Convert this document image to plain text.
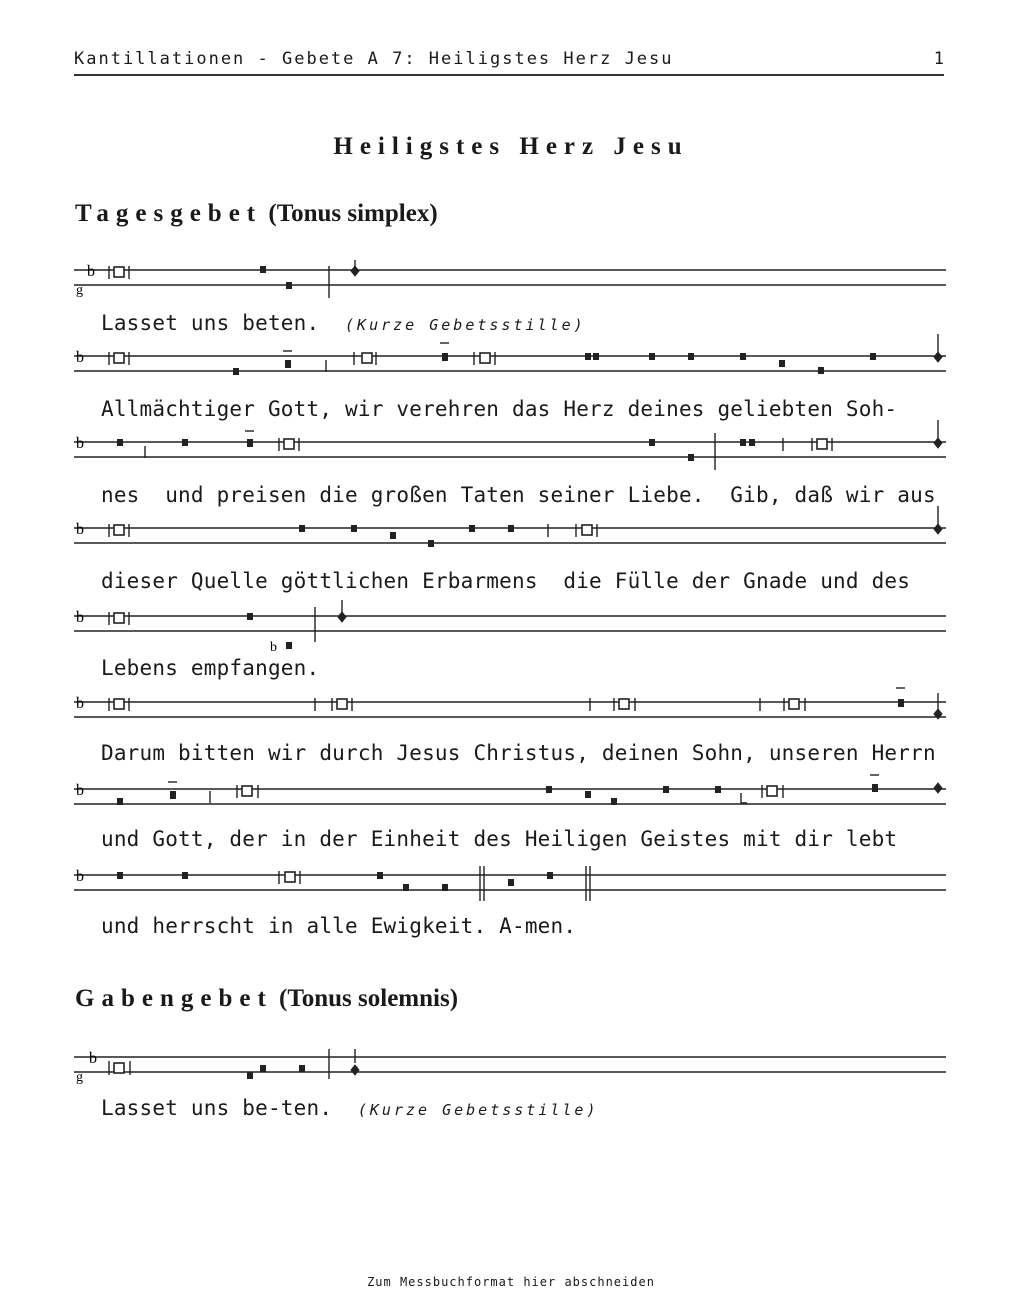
Kantillationen - Gebete A 7: Heiligstes Herz Jesu	1
Heiligstes Herz Jesu
Tagesgebet (Tonus simplex)
b
g
Lasset uns beten. (Kurze Gebetsstille)
b
Allmächtiger Gott, wir verehren das Herz deines geliebten Soh-
b
nes  und preisen die großen Taten seiner Liebe.  Gib, daß wir aus
b
dieser Quelle göttlichen Erbarmens  die Fülle der Gnade und des
b
b
Lebens empfangen.
b
Darum bitten wir durch Jesus Christus, deinen Sohn, unseren Herrn
b
und Gott, der in der Einheit des Heiligen Geistes mit dir lebt
b
und herrscht in alle Ewigkeit. A-men.
Gabengebet (Tonus solemnis)
b
g
Lasset uns be-ten. (Kurze Gebetsstille)
Zum Messbuchformat hier abschneiden
